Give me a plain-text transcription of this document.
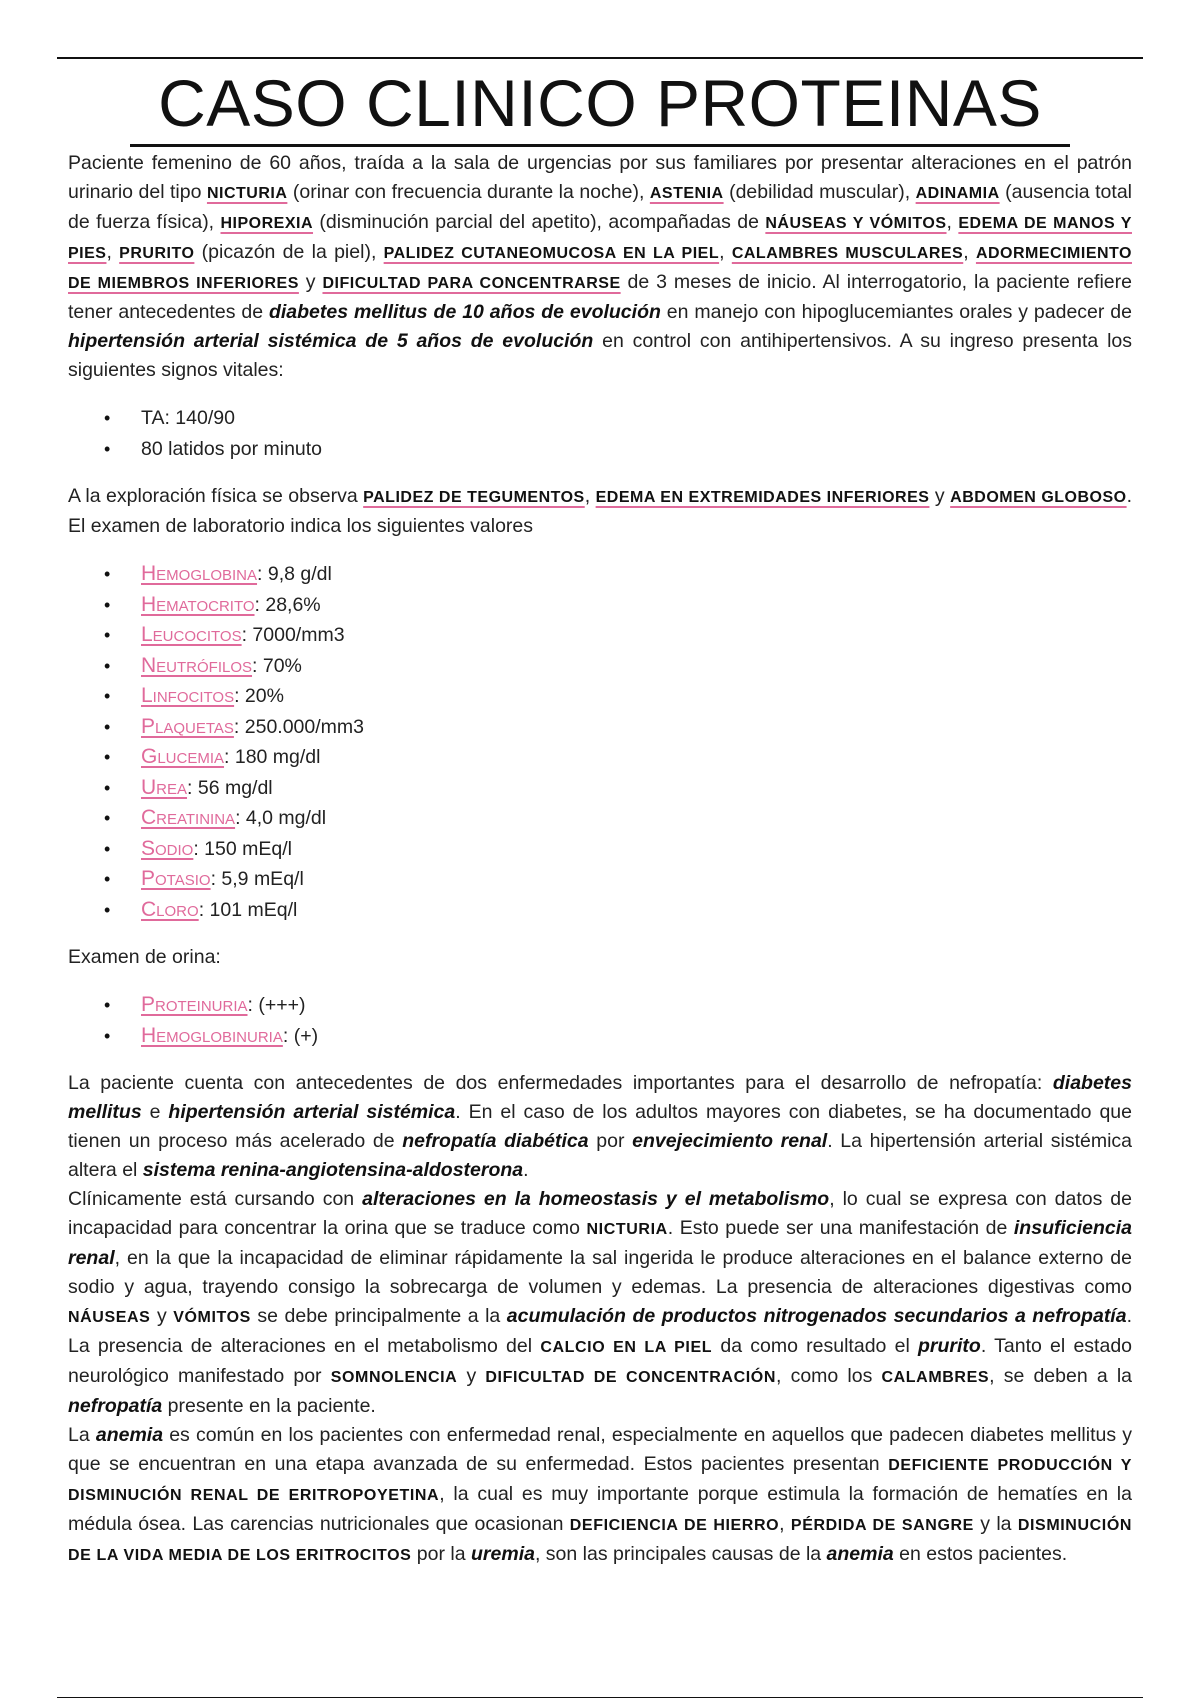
CASO CLINICO PROTEINAS

Paciente femenino de 60 años, traída a la sala de urgencias por sus familiares por presentar alteraciones en el patrón urinario del tipo NICTURIA (orinar con frecuencia durante la noche), ASTENIA (debilidad muscular), ADINAMIA (ausencia total de fuerza física), HIPOREXIA (disminución parcial del apetito), acompañadas de NÁUSEAS Y VÓMITOS, EDEMA DE MANOS Y PIES, PRURITO (picazón de la piel), PALIDEZ CUTANEOMUCOSA EN LA PIEL, CALAMBRES MUSCULARES, ADORMECIMIENTO DE MIEMBROS INFERIORES y DIFICULTAD PARA CONCENTRARSE de 3 meses de inicio. Al interrogatorio, la paciente refiere tener antecedentes de diabetes mellitus de 10 años de evolución en manejo con hipoglucemiantes orales y padecer de hipertensión arterial sistémica de 5 años de evolución en control con antihipertensivos. A su ingreso presenta los siguientes signos vitales:

• TA: 140/90
• 80 latidos por minuto

A la exploración física se observa PALIDEZ DE TEGUMENTOS, EDEMA EN EXTREMIDADES INFERIORES y ABDOMEN GLOBOSO. El examen de laboratorio indica los siguientes valores

• Hemoglobina: 9,8 g/dl
• Hematocrito: 28,6%
• Leucocitos: 7000/mm3
• Neutrófilos: 70%
• Linfocitos: 20%
• Plaquetas: 250.000/mm3
• Glucemia: 180 mg/dl
• Urea: 56 mg/dl
• Creatinina: 4,0 mg/dl
• Sodio: 150 mEq/l
• Potasio: 5,9 mEq/l
• Cloro: 101 mEq/l

Examen de orina:

• Proteinuria: (+++)
• Hemoglobinuria: (+)

La paciente cuenta con antecedentes de dos enfermedades importantes para el desarrollo de nefropatía: diabetes mellitus e hipertensión arterial sistémica. En el caso de los adultos mayores con diabetes, se ha documentado que tienen un proceso más acelerado de nefropatía diabética por envejecimiento renal. La hipertensión arterial sistémica altera el sistema renina-angiotensina-aldosterona.

Clínicamente está cursando con alteraciones en la homeostasis y el metabolismo, lo cual se expresa con datos de incapacidad para concentrar la orina que se traduce como NICTURIA. Esto puede ser una manifestación de insuficiencia renal, en la que la incapacidad de eliminar rápidamente la sal ingerida le produce alteraciones en el balance externo de sodio y agua, trayendo consigo la sobrecarga de volumen y edemas. La presencia de alteraciones digestivas como NÁUSEAS y VÓMITOS se debe principalmente a la acumulación de productos nitrogenados secundarios a nefropatía. La presencia de alteraciones en el metabolismo del CALCIO EN LA PIEL da como resultado el prurito. Tanto el estado neurológico manifestado por SOMNOLENCIA y DIFICULTAD DE CONCENTRACIÓN, como los CALAMBRES, se deben a la nefropatía presente en la paciente.

La anemia es común en los pacientes con enfermedad renal, especialmente en aquellos que padecen diabetes mellitus y que se encuentran en una etapa avanzada de su enfermedad. Estos pacientes presentan DEFICIENTE PRODUCCIÓN Y DISMINUCIÓN RENAL DE ERITROPOYETINA, la cual es muy importante porque estimula la formación de hematíes en la médula ósea. Las carencias nutricionales que ocasionan DEFICIENCIA DE HIERRO, PÉRDIDA DE SANGRE y la DISMINUCIÓN DE LA VIDA MEDIA DE LOS ERITROCITOS por la uremia, son las principales causas de la anemia en estos pacientes.
